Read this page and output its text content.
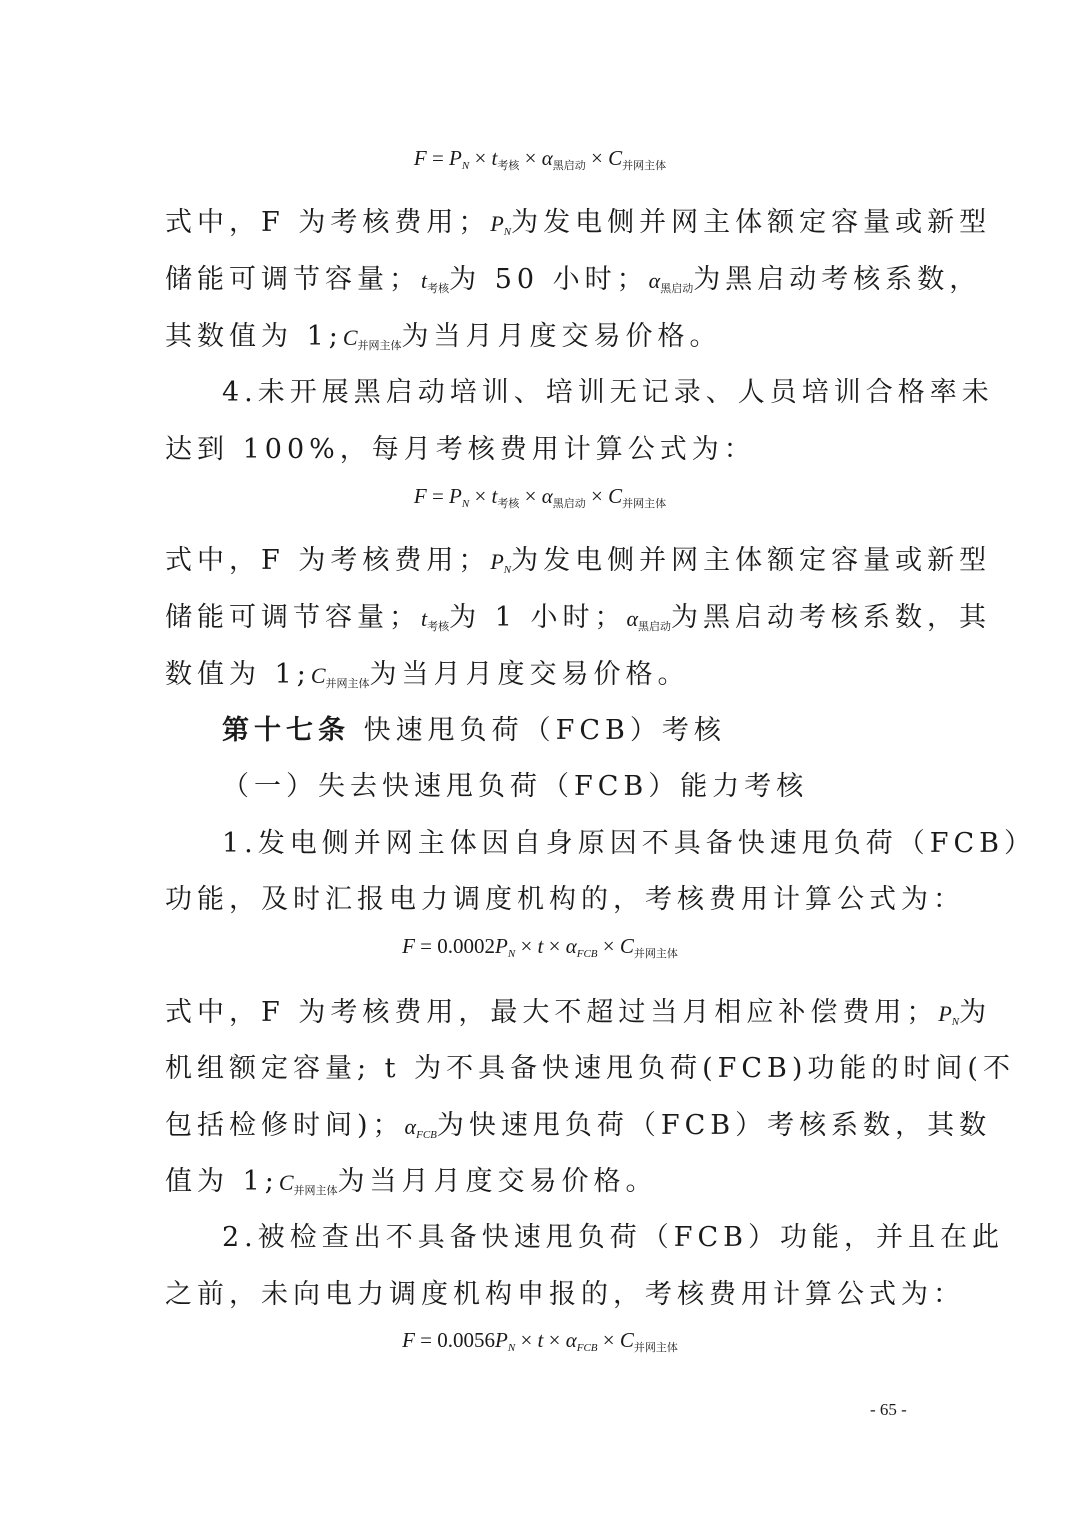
$F = P_N \times t_{考核} \times \alpha_{黑启动} \times C_{并网主体}$
式中，F 为考核费用；$P_N$为发电侧并网主体额定容量或新型
储能可调节容量；$t_{考核}$为 50 小时；$\alpha_{黑启动}$为黑启动考核系数，
其数值为 $1;C_{并网主体}$为当月月度交易价格。
4.未开展黑启动培训、培训无记录、人员培训合格率未
达到 100%，每月考核费用计算公式为：
$F = P_N \times t_{考核} \times \alpha_{黑启动} \times C_{并网主体}$
式中，F 为考核费用；$P_N$为发电侧并网主体额定容量或新型
储能可调节容量；$t_{考核}$为 1 小时；$\alpha_{黑启动}$为黑启动考核系数，其
数值为 $1;C_{并网主体}$为当月月度交易价格。
第十七条 快速甩负荷（FCB）考核
（一）失去快速甩负荷（FCB）能力考核
1.发电侧并网主体因自身原因不具备快速甩负荷（FCB）
功能，及时汇报电力调度机构的，考核费用计算公式为：
$F = 0.0002P_N \times t \times \alpha_{FCB} \times C_{并网主体}$
式中，F 为考核费用，最大不超过当月相应补偿费用；$P_N$为
机组额定容量; t 为不具备快速甩负荷(FCB)功能的时间(不
包括检修时间)；$\alpha_{FCB}$为快速甩负荷（FCB）考核系数，其数
值为 $1;C_{并网主体}$为当月月度交易价格。
2.被检查出不具备快速甩负荷（FCB）功能，并且在此
之前，未向电力调度机构申报的，考核费用计算公式为：
$F = 0.0056P_N \times t \times \alpha_{FCB} \times C_{并网主体}$
- 65 -
